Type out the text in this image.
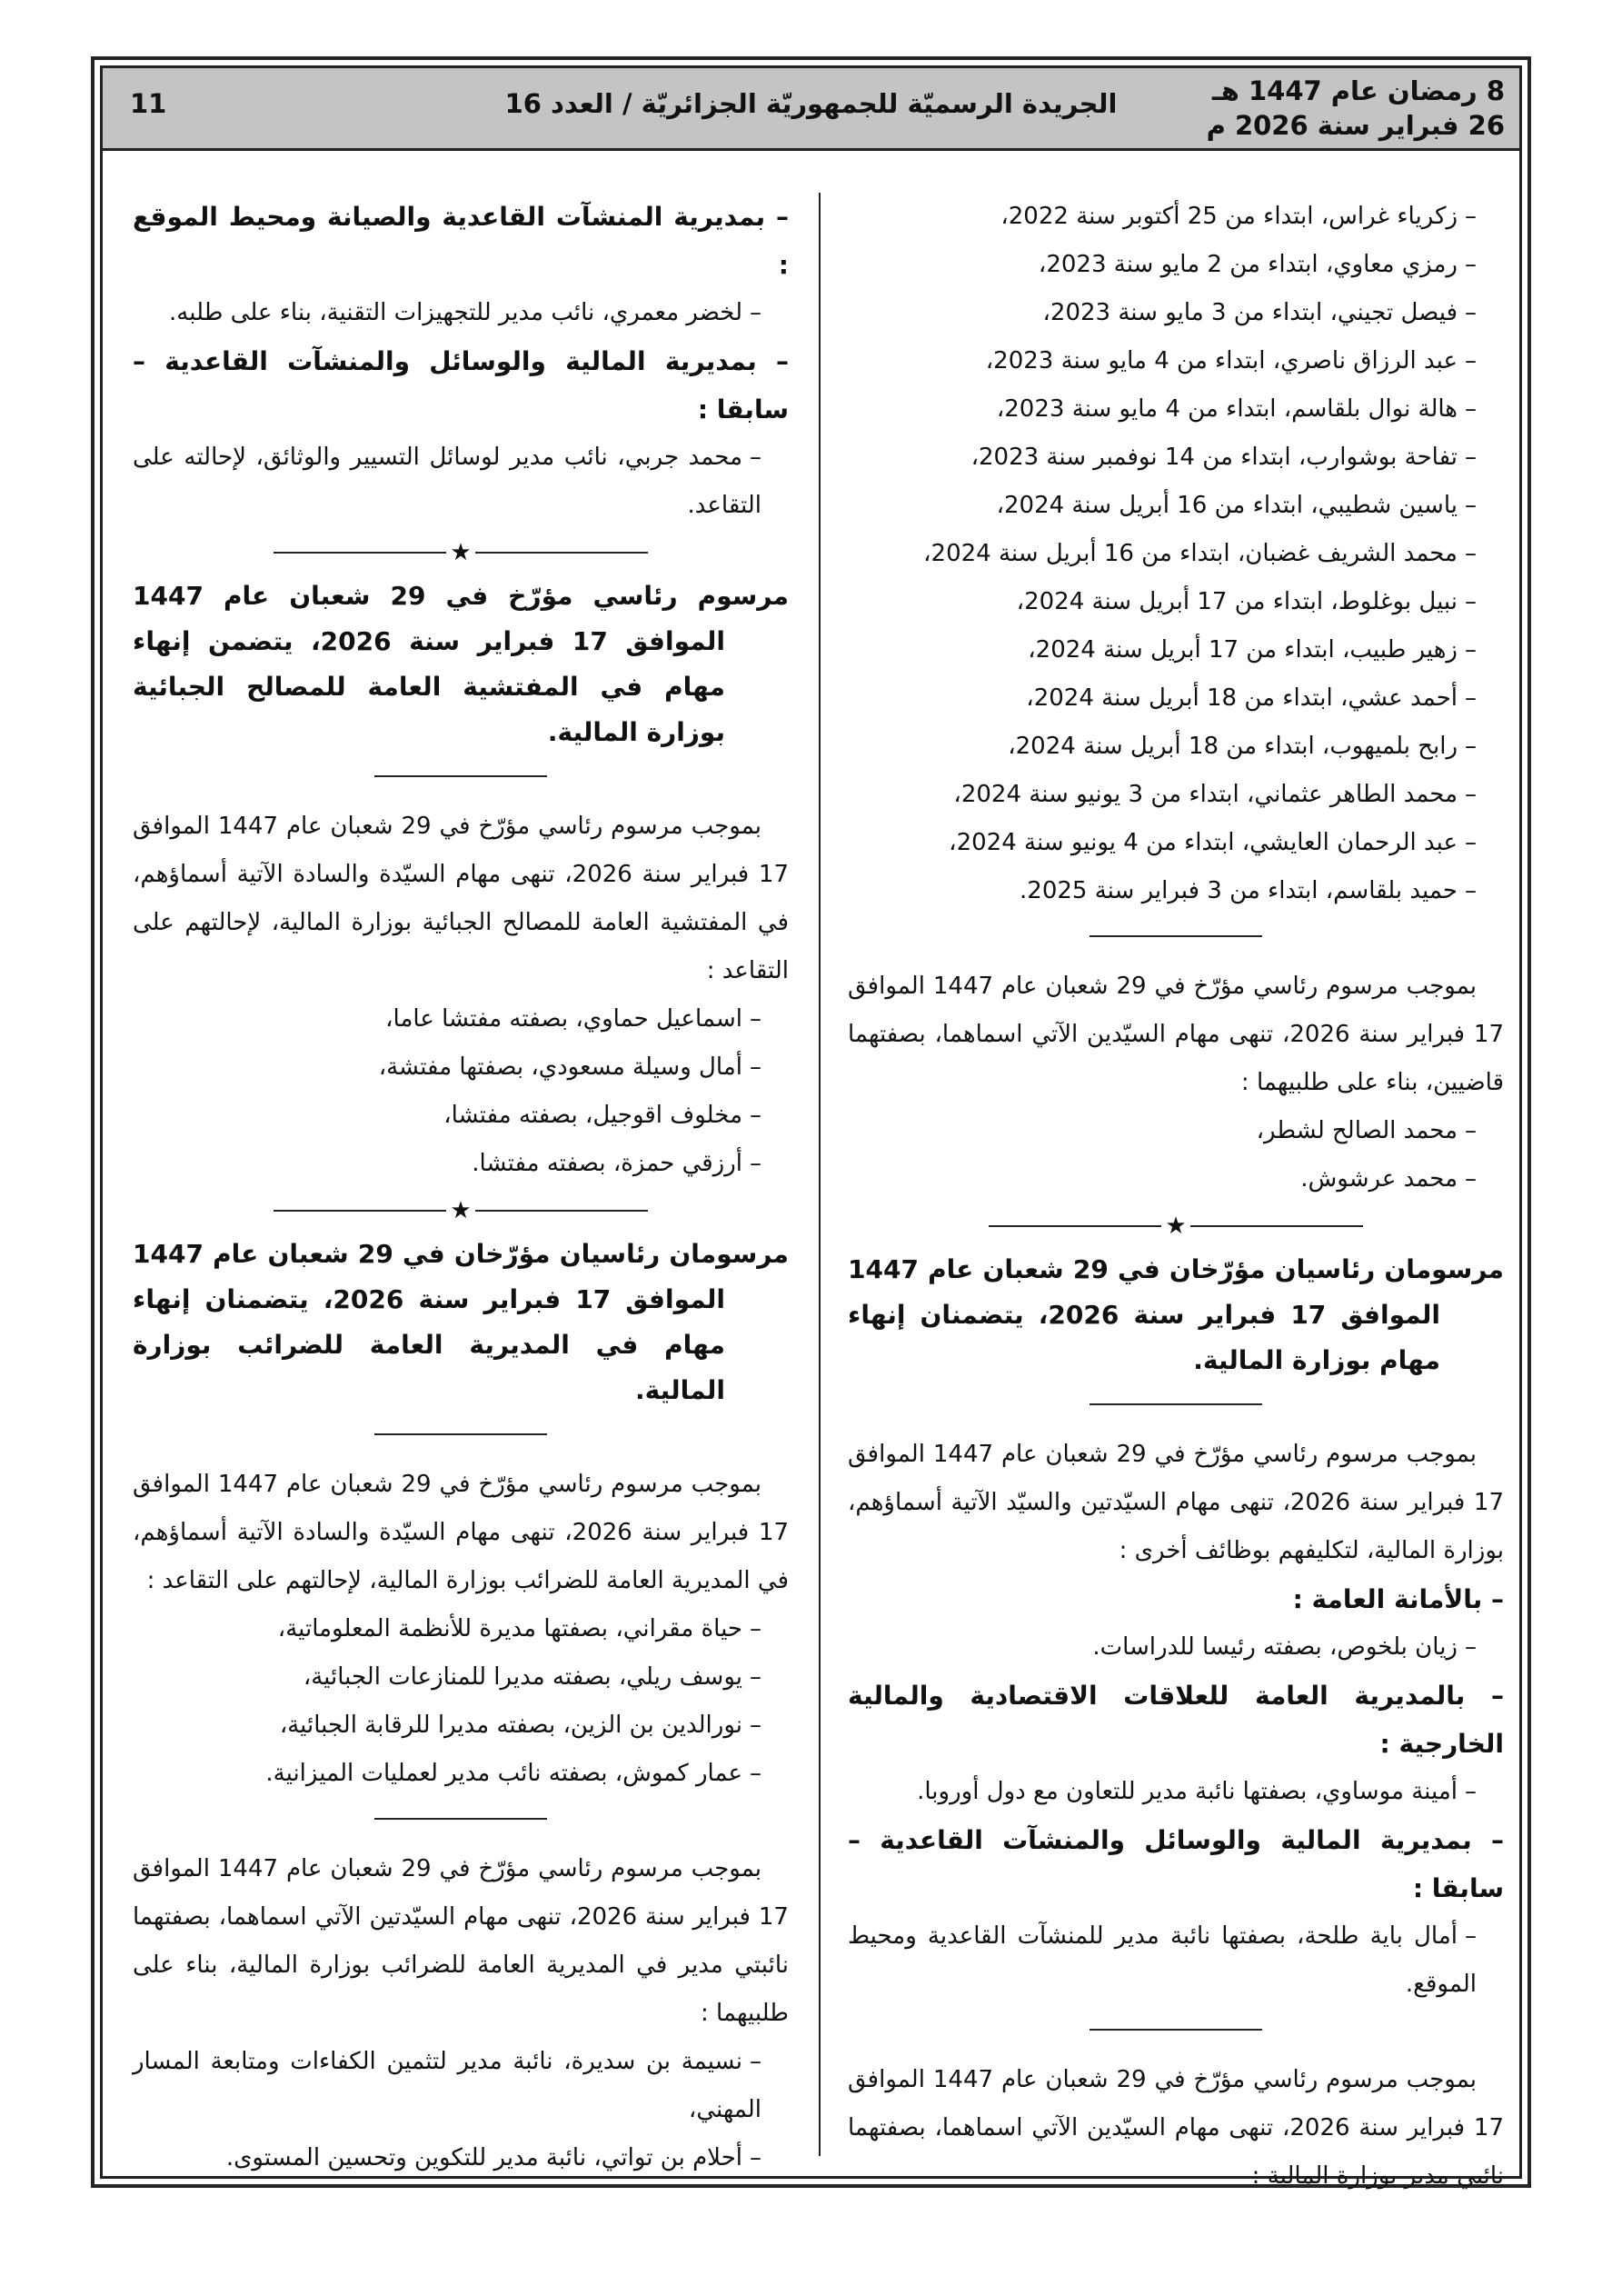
8 رمضان عام 1447 هـ
26 فبراير سنة 2026 م
الجريدة الرسميّة للجمهوريّة الجزائريّة / العدد 16
11
–زكرياء غراس، ابتداء من 25 أكتوبر سنة 2022،
–رمزي معاوي، ابتداء من 2 مايو سنة 2023،
–فيصل تجيني، ابتداء من 3 مايو سنة 2023،
–عبد الرزاق ناصري، ابتداء من 4 مايو سنة 2023،
–هالة نوال بلقاسم، ابتداء من 4 مايو سنة 2023،
–تفاحة بوشوارب، ابتداء من 14 نوفمبر سنة 2023،
–ياسين شطيبي، ابتداء من 16 أبريل سنة 2024،
–محمد الشريف غضبان، ابتداء من 16 أبريل سنة 2024،
–نبيل بوغلوط، ابتداء من 17 أبريل سنة 2024،
–زهير طبيب، ابتداء من 17 أبريل سنة 2024،
–أحمد عشي، ابتداء من 18 أبريل سنة 2024،
–رابح بلميهوب، ابتداء من 18 أبريل سنة 2024،
–محمد الطاهر عثماني، ابتداء من 3 يونيو سنة 2024،
–عبد الرحمان العايشي، ابتداء من 4 يونيو سنة 2024،
–حميد بلقاسم، ابتداء من 3 فبراير سنة 2025.
بموجب مرسوم رئاسي مؤرّخ في 29 شعبان عام 1447 الموافق 17 فبراير سنة 2026، تنهى مهام السيّدين الآتي اسماهما، بصفتهما قاضيين، بناء على طلبيهما :
–محمد الصالح لشطر،
–محمد عرشوش.
★
مرسومان رئاسيان مؤرّخان في 29 شعبان عام 1447 الموافق 17 فبراير سنة 2026، يتضمنان إنهاء مهام بوزارة المالية.
بموجب مرسوم رئاسي مؤرّخ في 29 شعبان عام 1447 الموافق 17 فبراير سنة 2026، تنهى مهام السيّدتين والسيّد الآتية أسماؤهم، بوزارة المالية، لتكليفهم بوظائف أخرى :
– بالأمانة العامة :
–زيان بلخوص، بصفته رئيسا للدراسات.
– بالمديرية العامة للعلاقات الاقتصادية والمالية الخارجية :
–أمينة موساوي، بصفتها نائبة مدير للتعاون مع دول أوروبا.
– بمديرية المالية والوسائل والمنشآت القاعدية – سابقا :
–أمال باية طلحة، بصفتها نائبة مدير للمنشآت القاعدية ومحيط الموقع.
بموجب مرسوم رئاسي مؤرّخ في 29 شعبان عام 1447 الموافق 17 فبراير سنة 2026، تنهى مهام السيّدين الآتي اسماهما، بصفتهما نائبي مدير بوزارة المالية :
– بمديرية المنشآت القاعدية والصيانة ومحيط الموقع :
–لخضر معمري، نائب مدير للتجهيزات التقنية، بناء على طلبه.
– بمديرية المالية والوسائل والمنشآت القاعدية – سابقا :
–محمد جربي، نائب مدير لوسائل التسيير والوثائق، لإحالته على التقاعد.
★
مرسوم رئاسي مؤرّخ في 29 شعبان عام 1447 الموافق 17 فبراير سنة 2026، يتضمن إنهاء مهام في المفتشية العامة للمصالح الجبائية بوزارة المالية.
بموجب مرسوم رئاسي مؤرّخ في 29 شعبان عام 1447 الموافق 17 فبراير سنة 2026، تنهى مهام السيّدة والسادة الآتية أسماؤهم، في المفتشية العامة للمصالح الجبائية بوزارة المالية، لإحالتهم على التقاعد :
–اسماعيل حماوي، بصفته مفتشا عاما،
–أمال وسيلة مسعودي، بصفتها مفتشة،
–مخلوف اقوجيل، بصفته مفتشا،
–أرزقي حمزة، بصفته مفتشا.
★
مرسومان رئاسيان مؤرّخان في 29 شعبان عام 1447 الموافق 17 فبراير سنة 2026، يتضمنان إنهاء مهام في المديرية العامة للضرائب بوزارة المالية.
بموجب مرسوم رئاسي مؤرّخ في 29 شعبان عام 1447 الموافق 17 فبراير سنة 2026، تنهى مهام السيّدة والسادة الآتية أسماؤهم، في المديرية العامة للضرائب بوزارة المالية، لإحالتهم على التقاعد :
–حياة مقراني، بصفتها مديرة للأنظمة المعلوماتية،
–يوسف ريلي، بصفته مديرا للمنازعات الجبائية،
–نورالدين بن الزين، بصفته مديرا للرقابة الجبائية،
–عمار كموش، بصفته نائب مدير لعمليات الميزانية.
بموجب مرسوم رئاسي مؤرّخ في 29 شعبان عام 1447 الموافق 17 فبراير سنة 2026، تنهى مهام السيّدتين الآتي اسماهما، بصفتهما نائبتي مدير في المديرية العامة للضرائب بوزارة المالية، بناء على طلبيهما :
–نسيمة بن سديرة، نائبة مدير لتثمين الكفاءات ومتابعة المسار المهني،
–أحلام بن تواتي، نائبة مدير للتكوين وتحسين المستوى.
